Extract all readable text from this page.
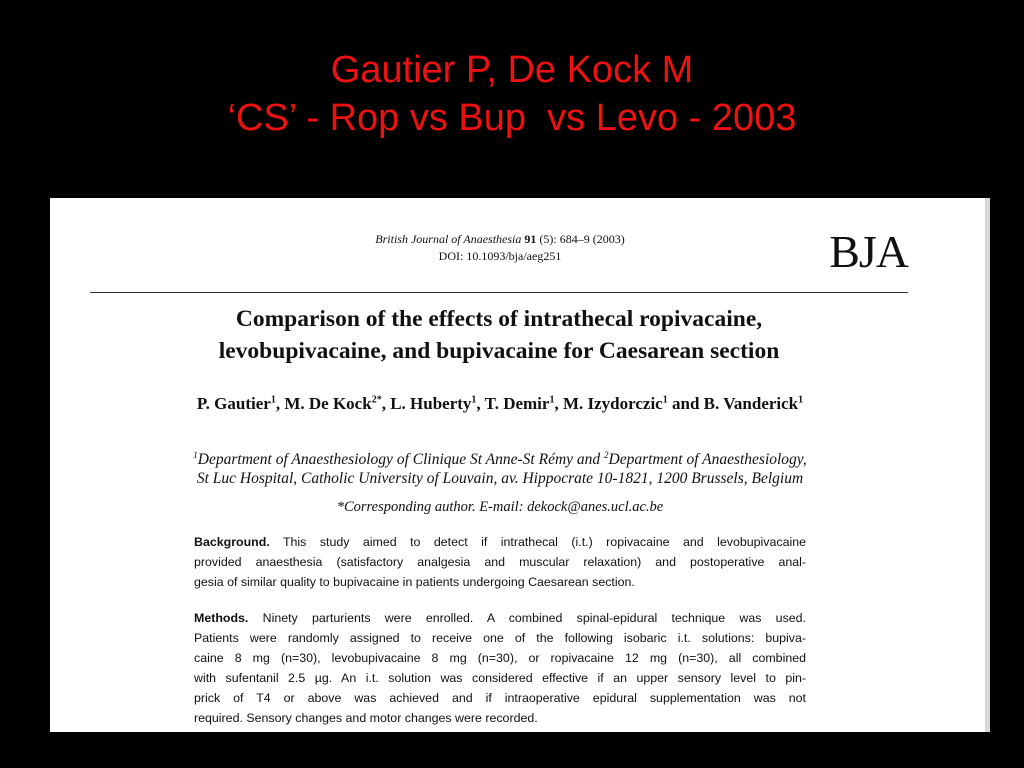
Gautier P, De Kock M
‘CS’ - Rop vs Bup  vs Levo - 2003
British Journal of Anaesthesia 91 (5): 684–9 (2003)
DOI: 10.1093/bja/aeg251	BJA
Comparison of the effects of intrathecal ropivacaine,
levobupivacaine, and bupivacaine for Caesarean section
P. Gautier$^1$, M. De Kock$^{2*}$, L. Huberty$^1$, T. Demir$^1$, M. Izydorczic$^1$ and B. Vanderick$^1$
$^1$Department of Anaesthesiology of Clinique St Anne-St Rémy and $^2$Department of Anaesthesiology,
St Luc Hospital, Catholic University of Louvain, av. Hippocrate 10-1821, 1200 Brussels, Belgium
*Corresponding author. E-mail: dekock@anes.ucl.ac.be
Background. This study aimed to detect if intrathecal (i.t.) ropivacaine and levobupivacaine
provided anaesthesia (satisfactory analgesia and muscular relaxation) and postoperative anal-
gesia of similar quality to bupivacaine in patients undergoing Caesarean section.
Methods. Ninety parturients were enrolled. A combined spinal-epidural technique was used.
Patients were randomly assigned to receive one of the following isobaric i.t. solutions: bupiva-
caine 8 mg (n=30), levobupivacaine 8 mg (n=30), or ropivacaine 12 mg (n=30), all combined
with sufentanil 2.5 µg. An i.t. solution was considered effective if an upper sensory level to pin-
prick of T4 or above was achieved and if intraoperative epidural supplementation was not
required. Sensory changes and motor changes were recorded.
